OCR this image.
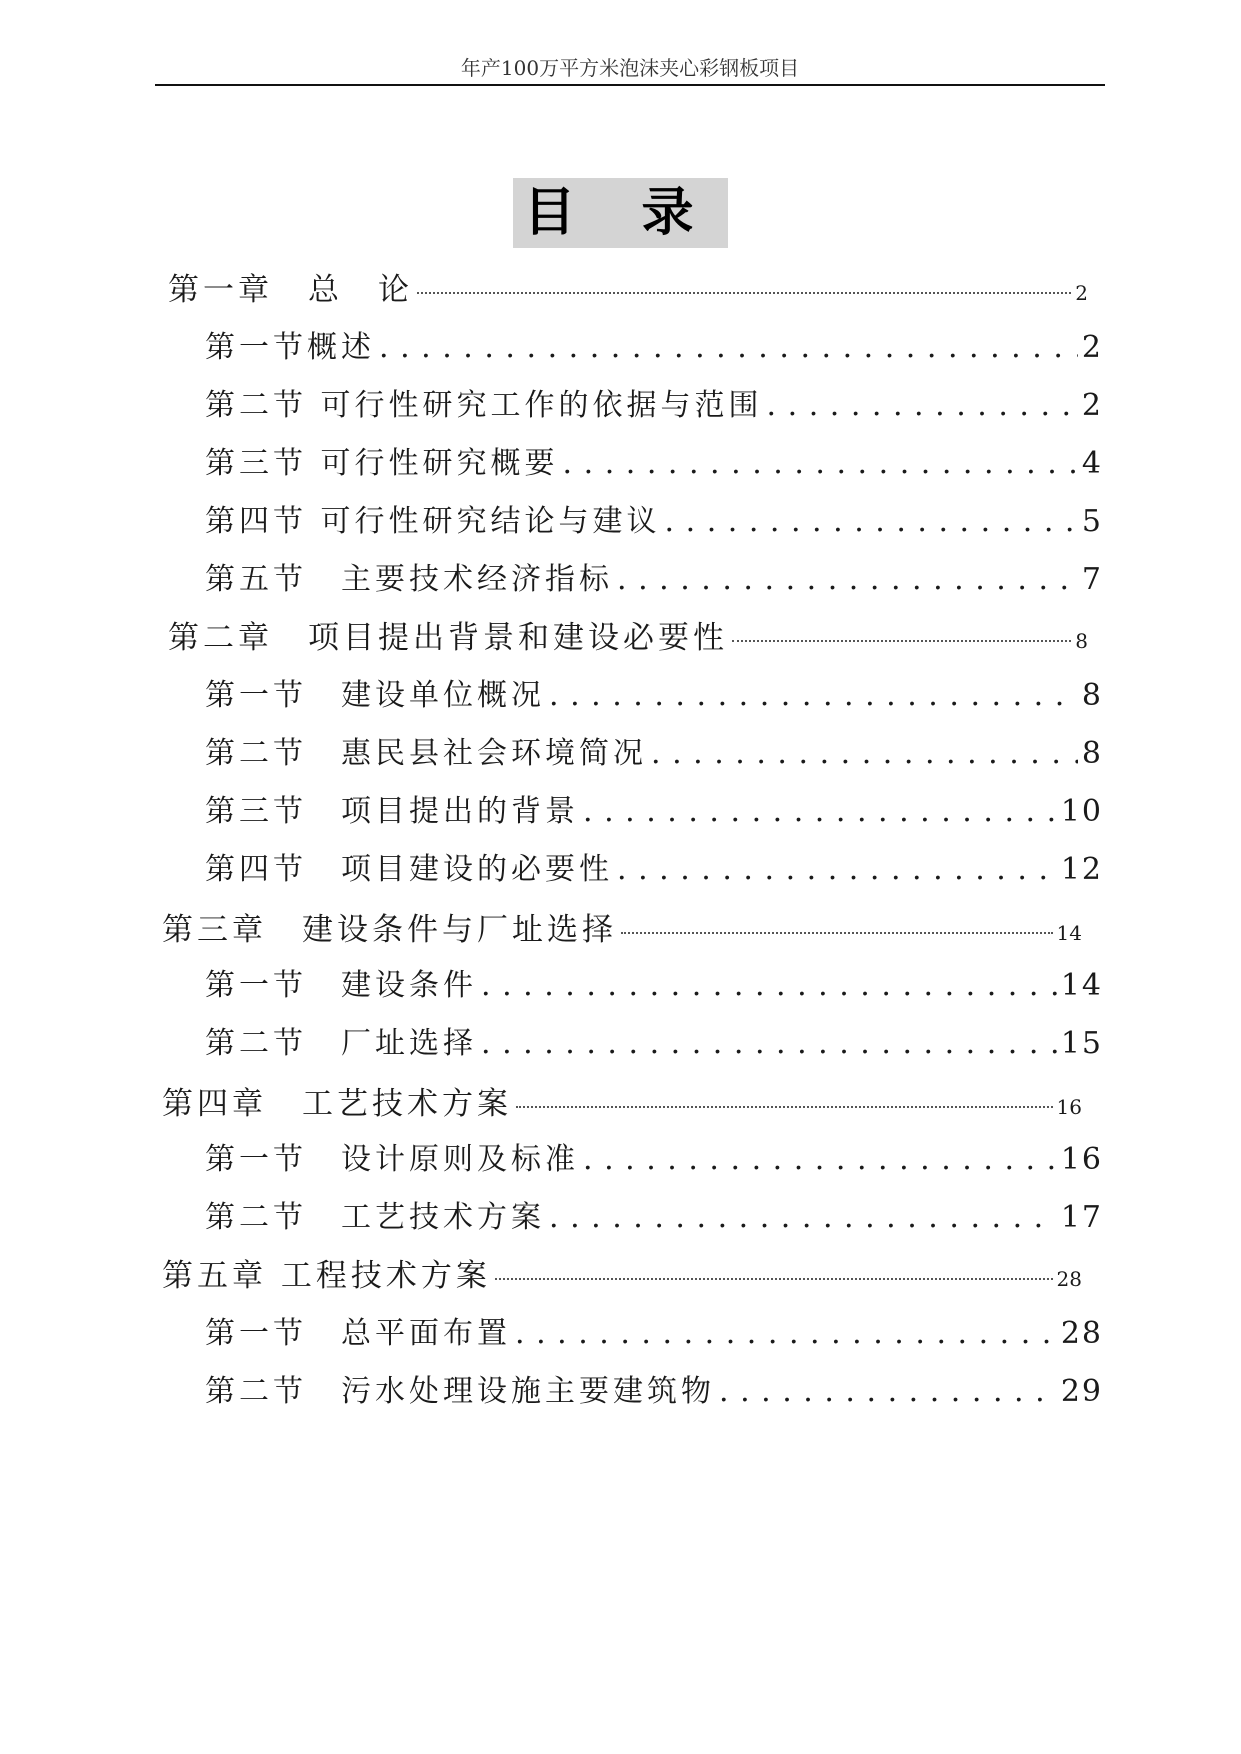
年产100万平方米泡沫夹心彩钢板项目
目 录
第一章　总　论	2
第一节概述 . . .	2
第二节 可行性研究工作的依据与范围 . . .	2
第三节 可行性研究概要 . . .	4
第四节 可行性研究结论与建议 . . .	5
第五节　主要技术经济指标 . . .	7
第二章　项目提出背景和建设必要性	8
第一节　建设单位概况 . . .	8
第二节　惠民县社会环境简况 . . .	8
第三节　项目提出的背景 . . .	10
第四节　项目建设的必要性 . . .	12
第三章　建设条件与厂址选择	14
第一节　建设条件 . . .	14
第二节　厂址选择 . . .	15
第四章　工艺技术方案	16
第一节　设计原则及标准 . . .	16
第二节　工艺技术方案 . . .	17
第五章 工程技术方案	28
第一节　总平面布置 . . .	28
第二节　污水处理设施主要建筑物 . . .	29
